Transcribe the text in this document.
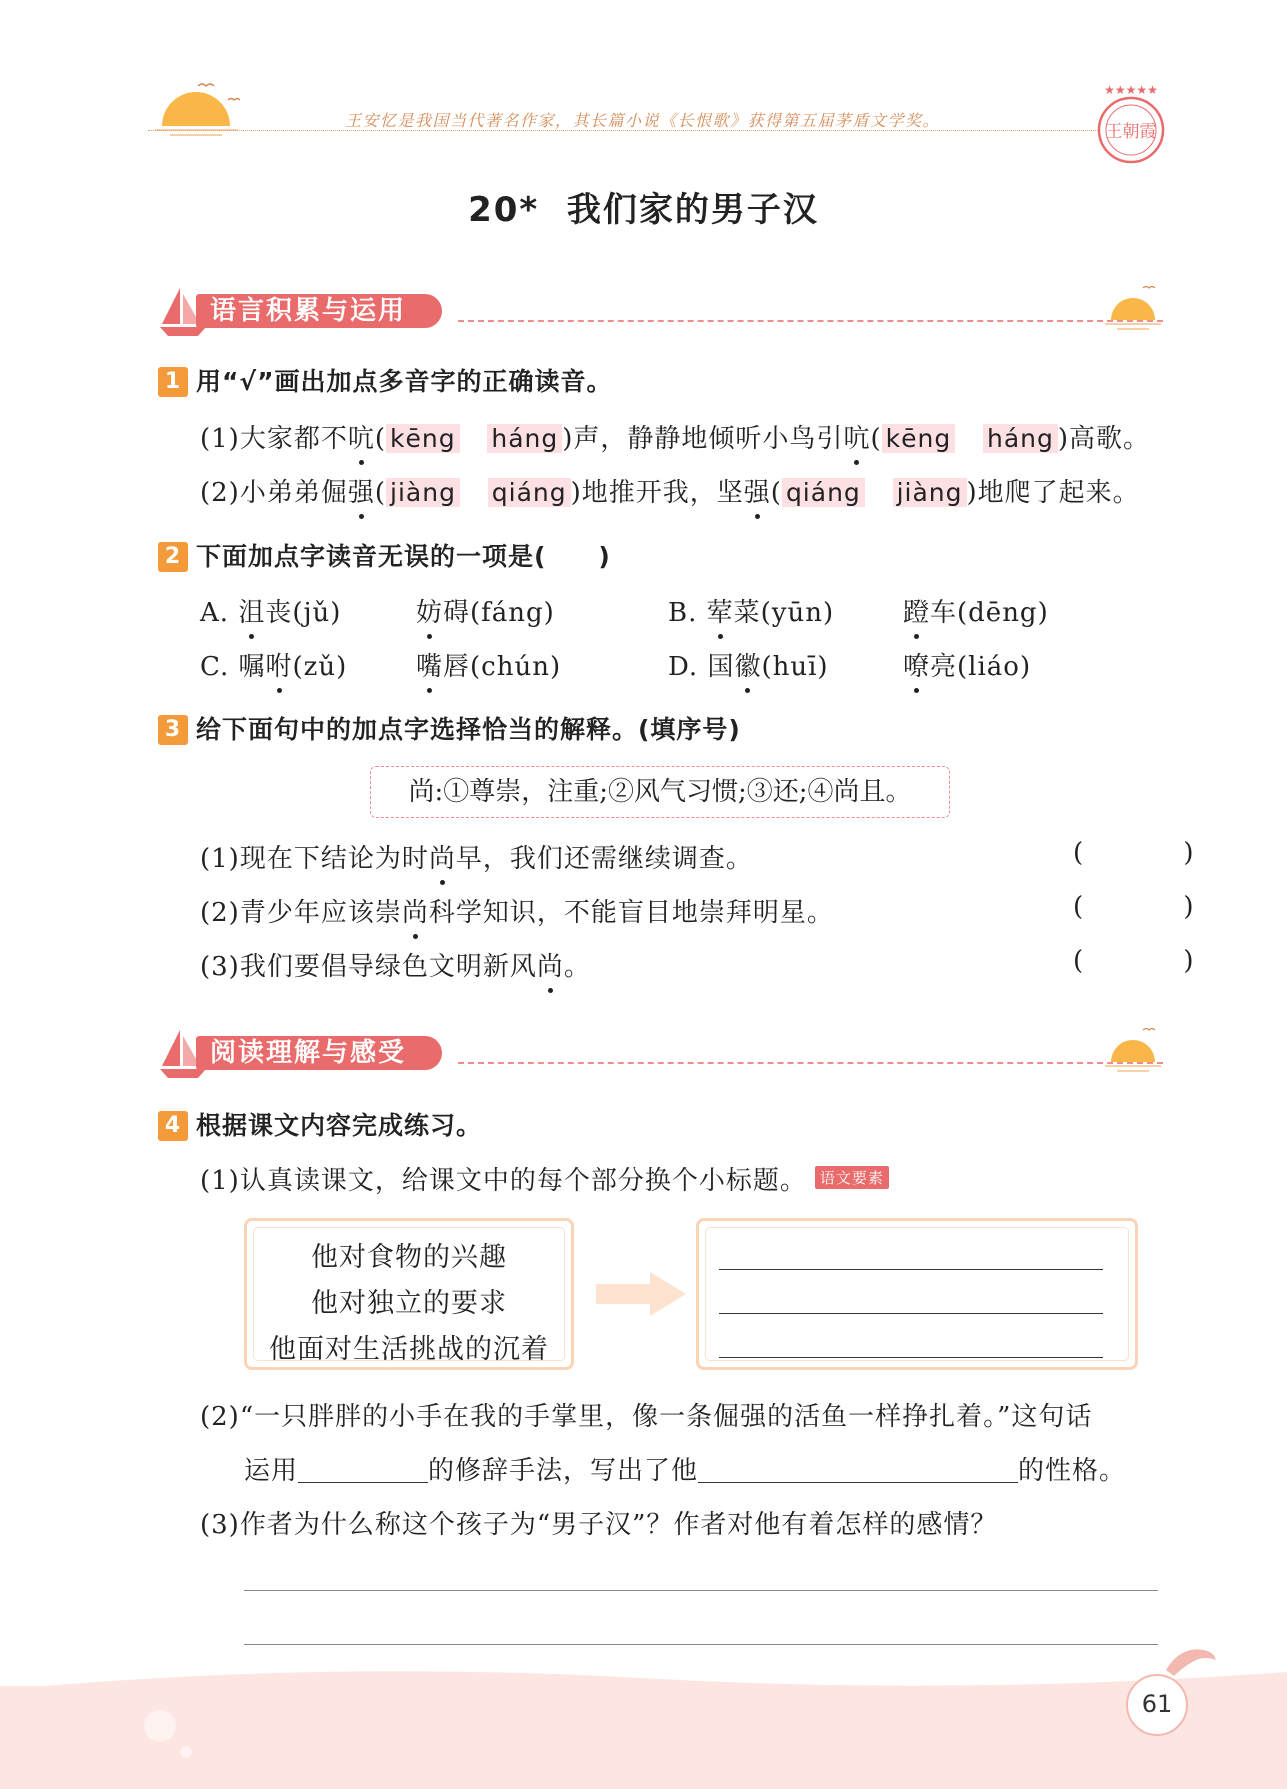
王安忆是我国当代著名作家，其长篇小说《长恨歌》获得第五届茅盾文学奖。
★★★★★
王朝霞
20* 我们家的男子汉
语言积累与运用
1 用“√”画出加点多音字的正确读音。
(1)大家都不吭( kēng háng )声，静静地倾听小鸟引吭( kēng háng )高歌。
(2)小弟弟倔强( jiàng qiáng )地推开我，坚强( qiáng jiàng )地爬了起来。
2 下面加点字读音无误的一项是(　　)
A. 沮丧(jǔ)	妨碍(fáng)	B. 荤菜(yūn)	蹬车(dēng)
C. 嘱咐(zǔ)	嘴唇(chún)	D. 国徽(huī)	嘹亮(liáo)
3 给下面句中的加点字选择恰当的解释。(填序号)
尚:①尊崇，注重;②风气习惯;③还;④尚且。
(1)现在下结论为时尚早，我们还需继续调查。	( )
(2)青少年应该崇尚科学知识，不能盲目地崇拜明星。	( )
(3)我们要倡导绿色文明新风尚。	( )
阅读理解与感受
4 根据课文内容完成练习。
(1)认真读课文，给课文中的每个部分换个小标题。 语文要素
他对食物的兴趣
他对独立的要求
他面对生活挑战的沉着
(2)“一只胖胖的小手在我的手掌里，像一条倔强的活鱼一样挣扎着。”这句话
运用	的修辞手法，写出了他	的性格。
(3)作者为什么称这个孩子为“男子汉”？作者对他有着怎样的感情？
61
